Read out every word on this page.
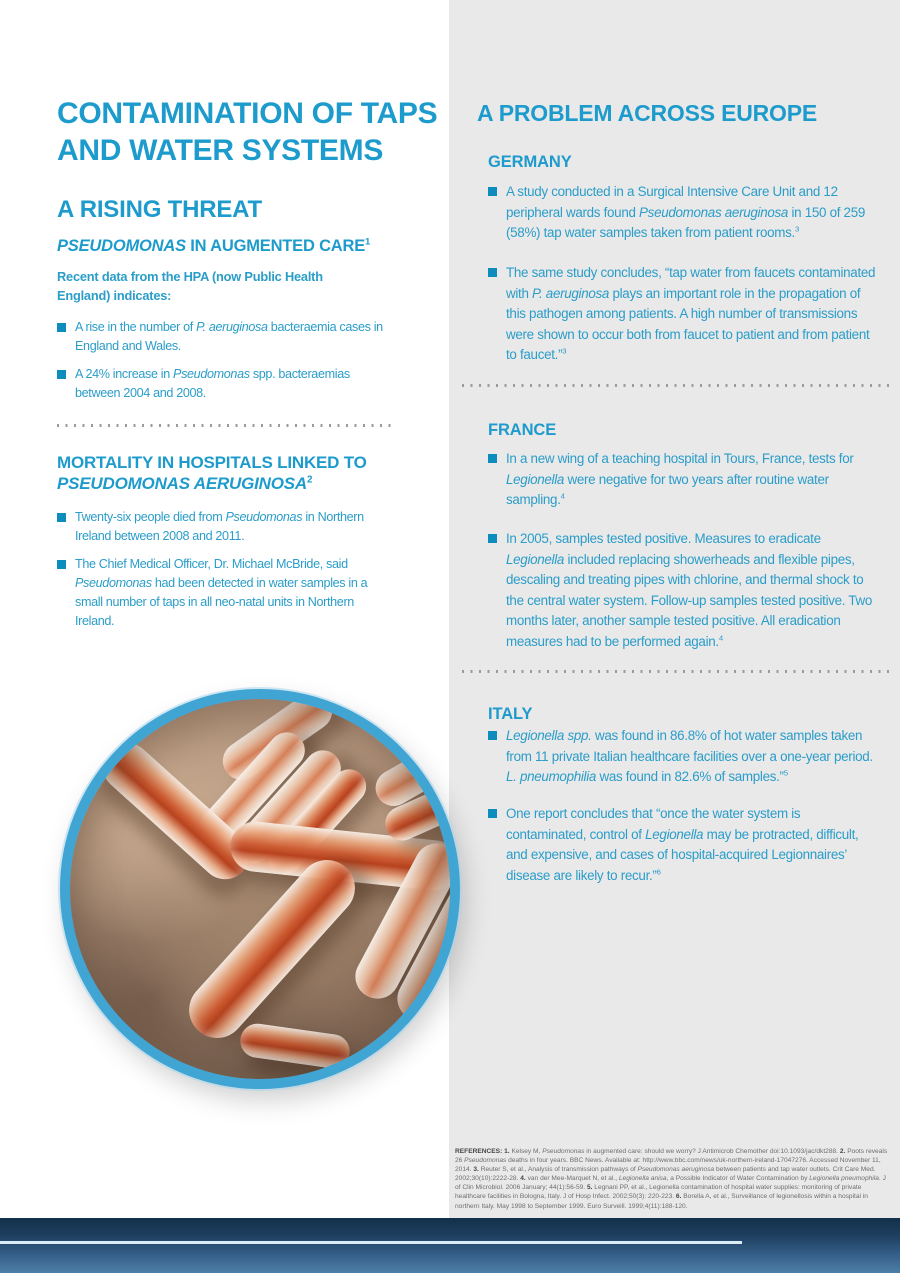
CONTAMINATION OF TAPS AND WATER SYSTEMS
A RISING THREAT
PSEUDOMONAS IN AUGMENTED CARE$^1$
Recent data from the HPA (now Public Health England) indicates:
A rise in the number of P. aeruginosa bacteraemia cases in England and Wales.
A 24% increase in Pseudomonas spp. bacteraemias between 2004 and 2008.
MORTALITY IN HOSPITALS LINKED TO
PSEUDOMONAS AERUGINOSA$^2$
Twenty-six people died from Pseudomonas in Northern Ireland between 2008 and 2011.
The Chief Medical Officer, Dr. Michael McBride, said Pseudomonas had been detected in water samples in a small number of taps in all neo-natal units in Northern Ireland.
A PROBLEM ACROSS EUROPE
GERMANY
A study conducted in a Surgical Intensive Care Unit and 12 peripheral wards found Pseudomonas aeruginosa in 150 of 259 (58%) tap water samples taken from patient rooms.$^3$
The same study concludes, “tap water from faucets contaminated with P. aeruginosa plays an important role in the propagation of this pathogen among patients. A high number of transmissions were shown to occur both from faucet to patient and from patient to faucet.”$^3$
FRANCE
In a new wing of a teaching hospital in Tours, France, tests for Legionella were negative for two years after routine water sampling.$^4$
In 2005, samples tested positive. Measures to eradicate Legionella included replacing showerheads and flexible pipes, descaling and treating pipes with chlorine, and thermal shock to the central water system. Follow-up samples tested positive. Two months later, another sample tested positive. All eradication measures had to be performed again.$^4$
ITALY
Legionella spp. was found in 86.8% of hot water samples taken from 11 private Italian healthcare facilities over a one-year period. L. pneumophilia was found in 82.6% of samples.”$^5$
One report concludes that “once the water system is contaminated, control of Legionella may be protracted, difficult, and expensive, and cases of hospital-acquired Legionnaires’ disease are likely to recur.”$^6$
REFERENCES: 1. Kelsey M, Pseudomonas in augmented care: should we worry? J Antimicrob Chemother doi:10.1093/jac/dkt288. 2. Poots reveals 26 Pseudomonas deaths in four years. BBC News. Available at: http://www.bbc.com/news/uk-northern-ireland-17047276. Accessed November 11, 2014. 3. Reuter S, et al., Analysis of transmission pathways of Pseudomonas aeruginosa between patients and tap water outlets. Crit Care Med. 2002;30(10):2222-28. 4. van der Mee-Marquet N, et al., Legionella anisa, a Possible Indicator of Water Contamination by Legionella pneumophila. J of Clin Microbiol. 2006 January; 44(1):56-59. 5. Legnani PP, et al., Legionella contamination of hospital water supplies: monitoring of private healthcare facilities in Bologna, Italy. J of Hosp Infect. 2002;50(3): 220-223. 6. Borella A, et al., Surveillance of legionellosis within a hospital in northern Italy. May 1998 to September 1999. Euro Surveill. 1999;4(11):188-120.
